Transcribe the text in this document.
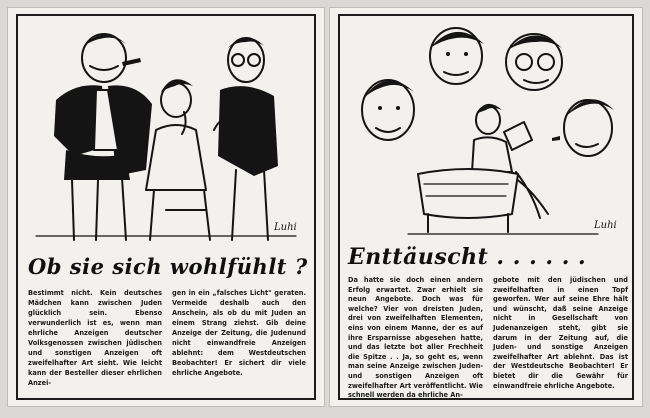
Luhi
Ob sie sich wohlfühlt ?
Bestimmt nicht. Kein deutsches Mädchen kann zwischen Juden glücklich sein. Ebenso verwunderlich ist es, wenn man ehrliche Anzeigen deutscher Volksgenossen zwischen jüdischen und sonstigen Anzeigen oft zweifelhafter Art sieht. Wie leicht kann der Besteller dieser ehrlichen Anzei-
gen in ein „falsches Licht" geraten. Vermeide deshalb auch den Anschein, als ob du mit Juden an einem Strang ziehst. Gib deine Anzeige der Zeitung, die Judenund nicht einwandfreie Anzeigen ablehnt: dem Westdeutschen Beobachter! Er sichert dir viele ehrliche Angebote.
Luhi
Enttäuscht . . . . . .
Da hatte sie doch einen andern Erfolg erwartet. Zwar erhielt sie neun Angebote. Doch was für welche? Vier von dreisten Juden, drei von zweifelhaften Elementen, eins von einem Manne, der es auf ihre Ersparnisse abgesehen hatte, und das letzte bot aller Frechheit die Spitze . . Ja, so geht es, wenn man seine Anzeige zwischen Juden- und sonstigen Anzeigen oft zweifelhafter Art veröffentlicht. Wie schnell werden da ehrliche An-
gebote mit den jüdischen und zweifelhaften in einen Topf geworfen. Wer auf seine Ehre hält und wünscht, daß seine Anzeige nicht in Gesellschaft von Judenanzeigen steht, gibt sie darum in der Zeitung auf, die Juden- und sonstige Anzeigen zweifelhafter Art ablehnt. Das ist der Westdeutsche Beobachter! Er bietet dir die Gewähr für einwandfreie ehrliche Angebote.
